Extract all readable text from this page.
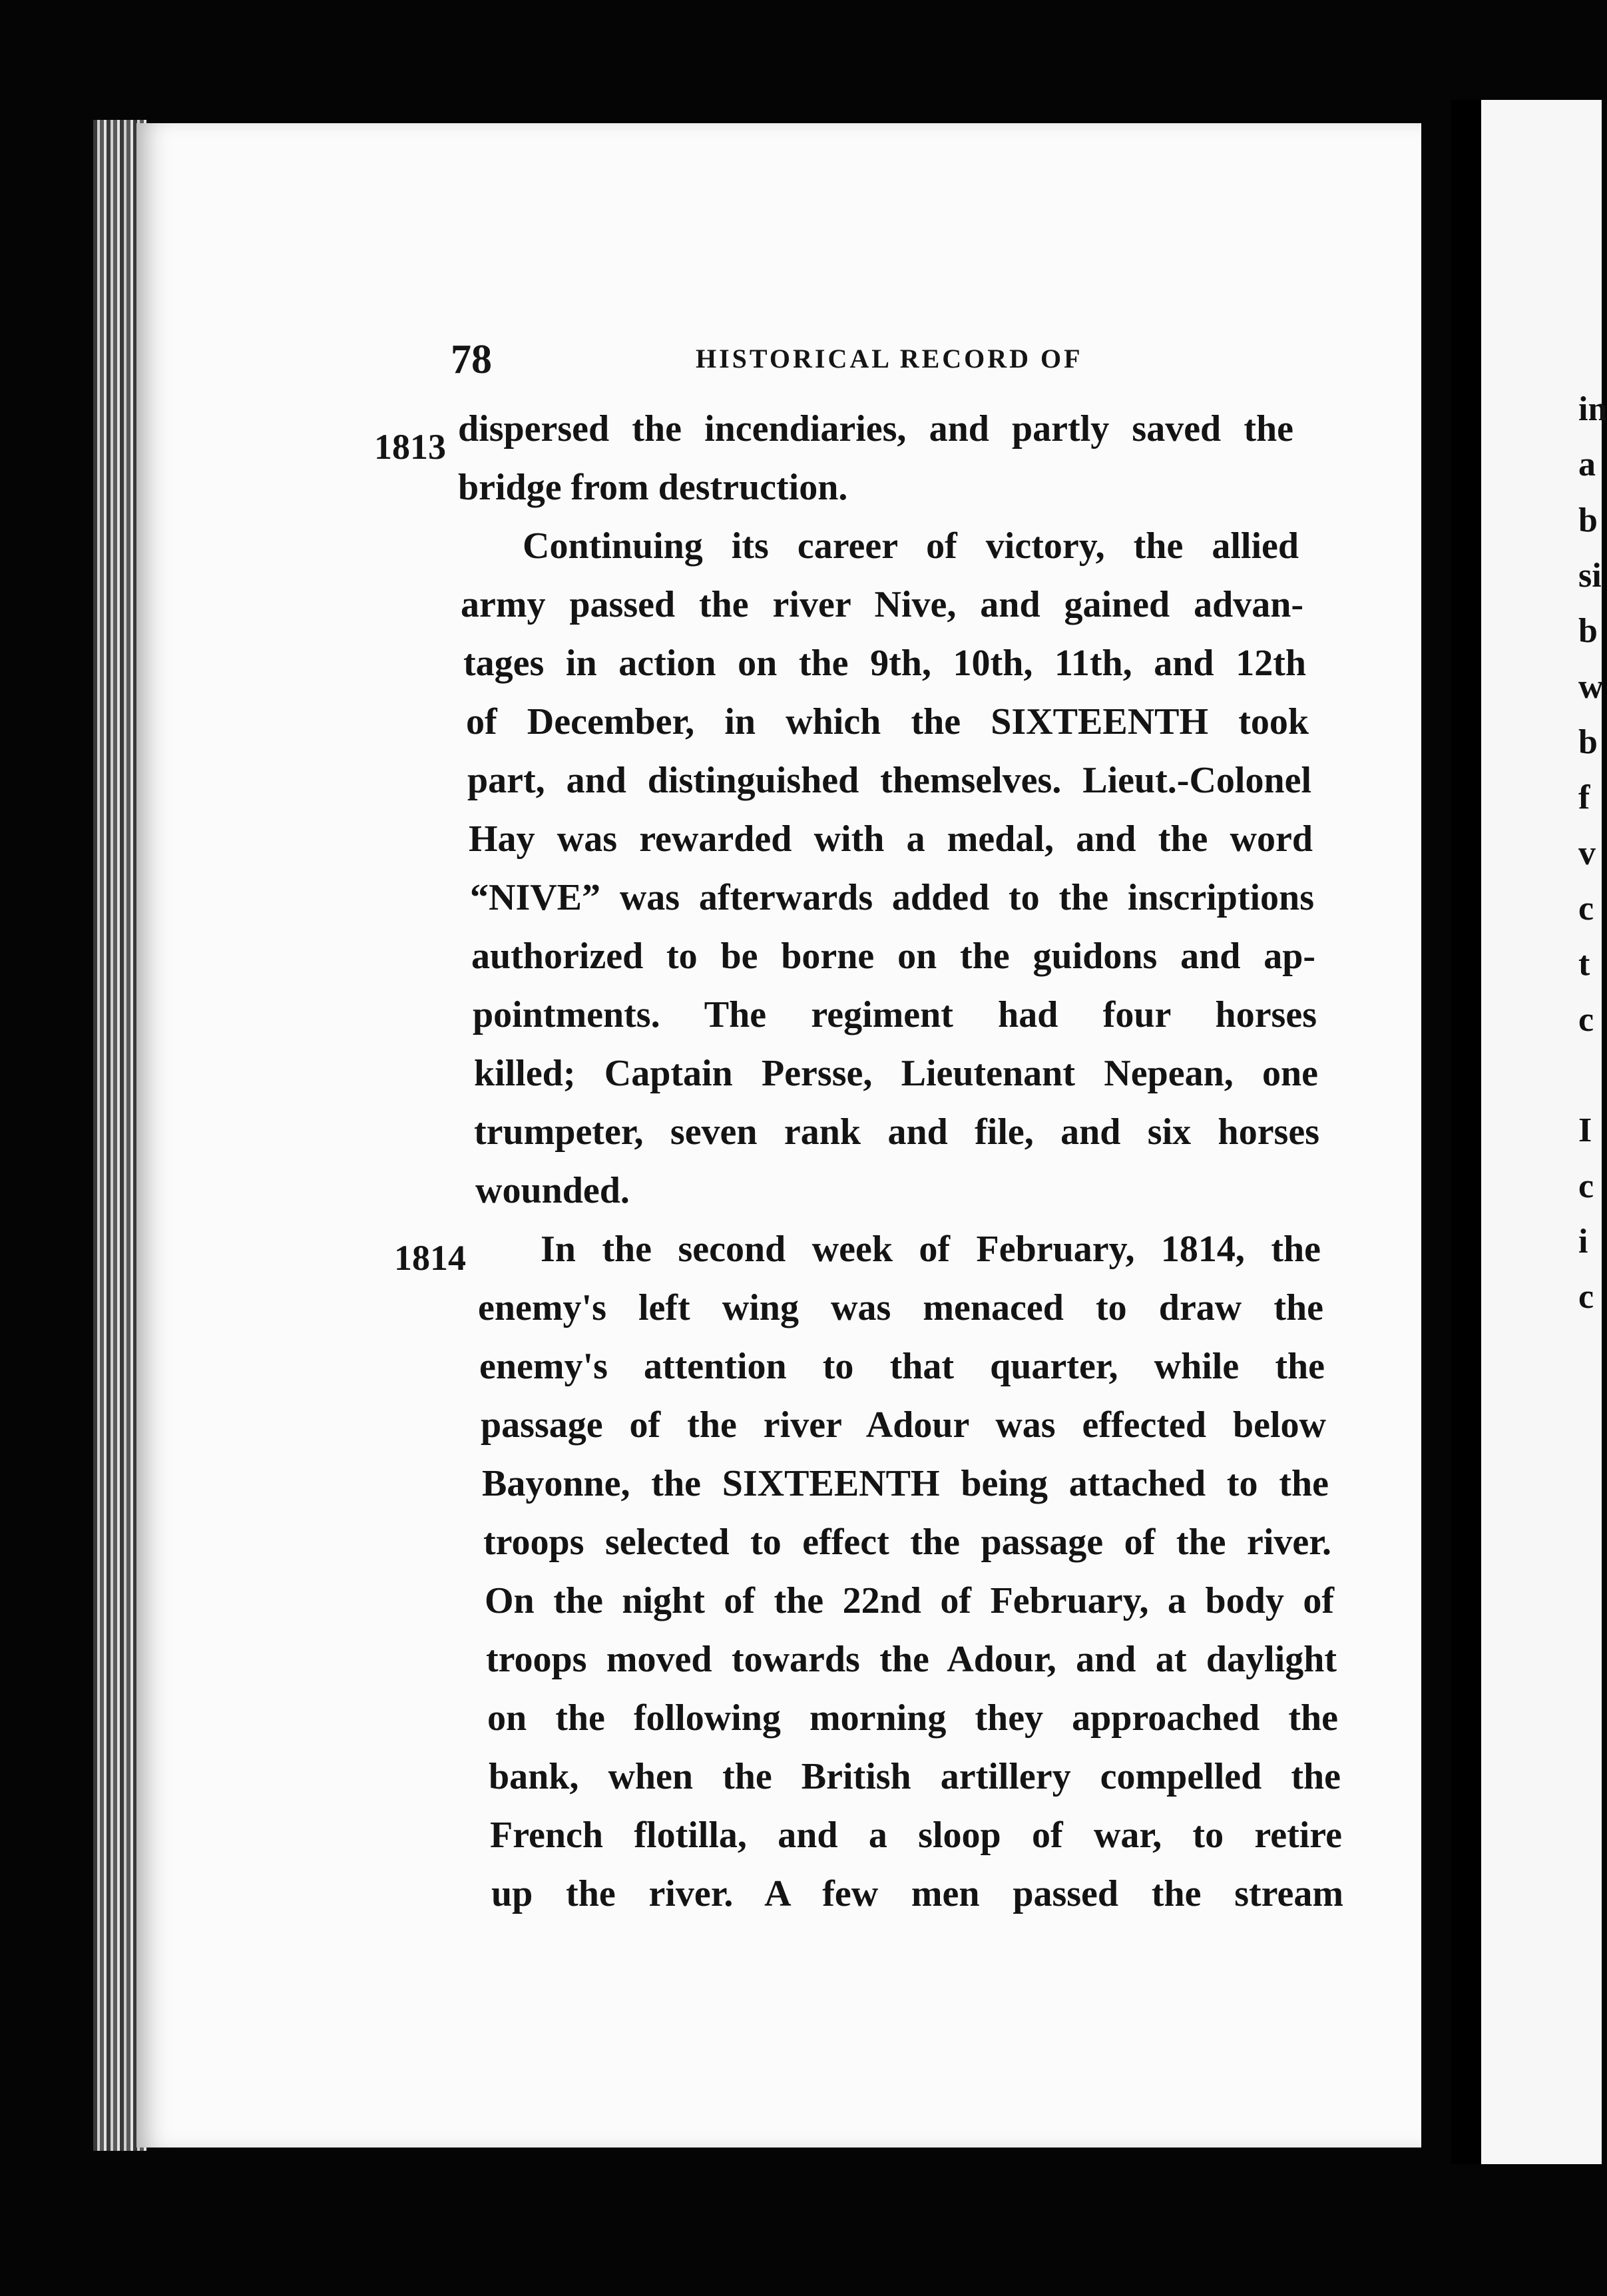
in
a
b
si
b
w
b
f
v
c
t
c
I
c
i
c
78	HISTORICAL RECORD OF
1813
1814
dispersed the incendiaries, and partly saved the
bridge from destruction.
Continuing its career of victory, the allied
army passed the river Nive, and gained advan-
tages in action on the 9th, 10th, 11th, and 12th
of December, in which the SIXTEENTH took
part, and distinguished themselves. Lieut.-Colonel
Hay was rewarded with a medal, and the word
“NIVE” was afterwards added to the inscriptions
authorized to be borne on the guidons and ap-
pointments. The regiment had four horses
killed; Captain Persse, Lieutenant Nepean, one
trumpeter, seven rank and file, and six horses
wounded.
In the second week of February, 1814, the
enemy's left wing was menaced to draw the
enemy's attention to that quarter, while the
passage of the river Adour was effected below
Bayonne, the SIXTEENTH being attached to the
troops selected to effect the passage of the river.
On the night of the 22nd of February, a body of
troops moved towards the Adour, and at daylight
on the following morning they approached the
bank, when the British artillery compelled the
French flotilla, and a sloop of war, to retire
up the river. A few men passed the stream
